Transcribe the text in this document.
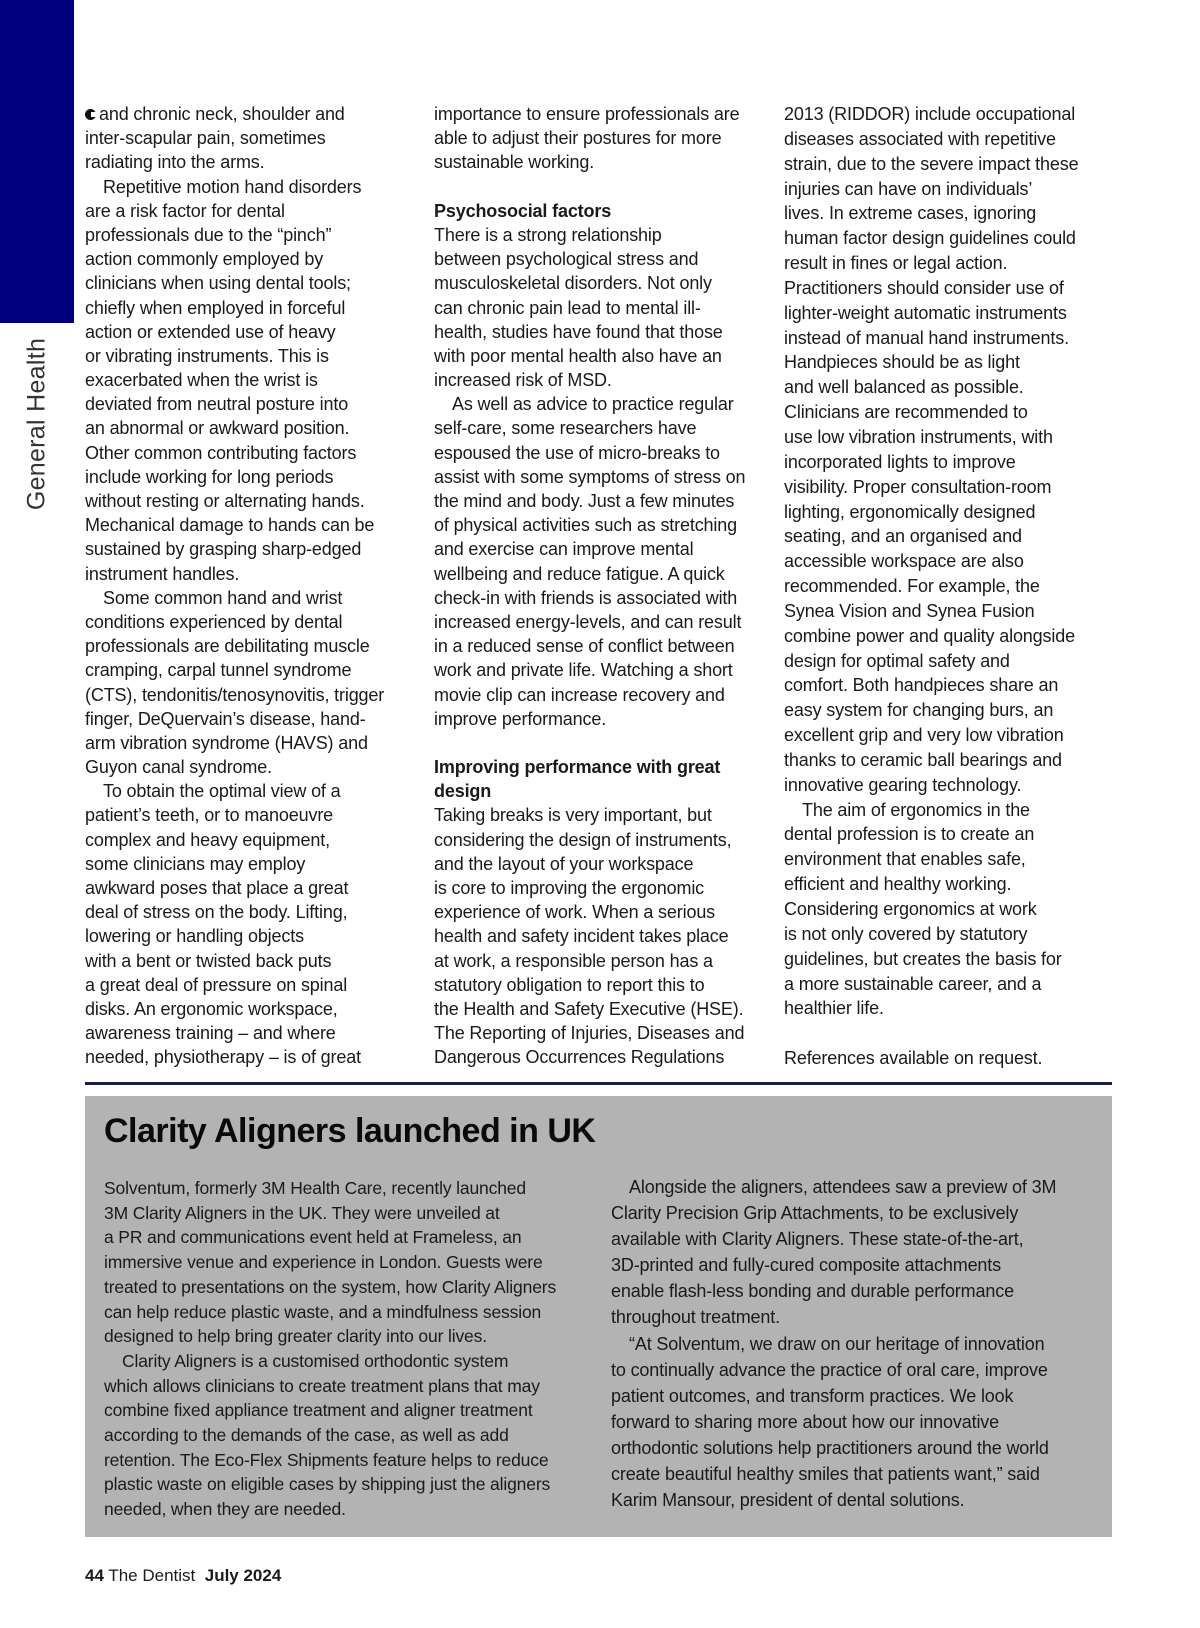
General Health
and chronic neck, shoulder and
inter-scapular pain, sometimes
radiating into the arms.
Repetitive motion hand disorders
are a risk factor for dental
professionals due to the “pinch”
action commonly employed by
clinicians when using dental tools;
chiefly when employed in forceful
action or extended use of heavy
or vibrating instruments. This is
exacerbated when the wrist is
deviated from neutral posture into
an abnormal or awkward position.
Other common contributing factors
include working for long periods
without resting or alternating hands.
Mechanical damage to hands can be
sustained by grasping sharp-edged
instrument handles.
Some common hand and wrist
conditions experienced by dental
professionals are debilitating muscle
cramping, carpal tunnel syndrome
(CTS), tendonitis/tenosynovitis, trigger
finger, DeQuervain’s disease, hand-
arm vibration syndrome (HAVS) and
Guyon canal syndrome.
To obtain the optimal view of a
patient’s teeth, or to manoeuvre
complex and heavy equipment,
some clinicians may employ
awkward poses that place a great
deal of stress on the body. Lifting,
lowering or handling objects
with a bent or twisted back puts
a great deal of pressure on spinal
disks. An ergonomic workspace,
awareness training – and where
needed, physiotherapy – is of great
importance to ensure professionals are
able to adjust their postures for more
sustainable working.

Psychosocial factors
There is a strong relationship
between psychological stress and
musculoskeletal disorders. Not only
can chronic pain lead to mental ill-
health, studies have found that those
with poor mental health also have an
increased risk of MSD.
As well as advice to practice regular
self-care, some researchers have
espoused the use of micro-breaks to
assist with some symptoms of stress on
the mind and body. Just a few minutes
of physical activities such as stretching
and exercise can improve mental
wellbeing and reduce fatigue. A quick
check-in with friends is associated with
increased energy-levels, and can result
in a reduced sense of conflict between
work and private life. Watching a short
movie clip can increase recovery and
improve performance.

Improving performance with great
design
Taking breaks is very important, but
considering the design of instruments,
and the layout of your workspace
is core to improving the ergonomic
experience of work. When a serious
health and safety incident takes place
at work, a responsible person has a
statutory obligation to report this to
the Health and Safety Executive (HSE).
The Reporting of Injuries, Diseases and
Dangerous Occurrences Regulations
2013 (RIDDOR) include occupational
diseases associated with repetitive
strain, due to the severe impact these
injuries can have on individuals’
lives. In extreme cases, ignoring
human factor design guidelines could
result in fines or legal action.
Practitioners should consider use of
lighter-weight automatic instruments
instead of manual hand instruments.
Handpieces should be as light
and well balanced as possible.
Clinicians are recommended to
use low vibration instruments, with
incorporated lights to improve
visibility. Proper consultation-room
lighting, ergonomically designed
seating, and an organised and
accessible workspace are also
recommended. For example, the
Synea Vision and Synea Fusion
combine power and quality alongside
design for optimal safety and
comfort. Both handpieces share an
easy system for changing burs, an
excellent grip and very low vibration
thanks to ceramic ball bearings and
innovative gearing technology.
The aim of ergonomics in the
dental profession is to create an
environment that enables safe,
efficient and healthy working.
Considering ergonomics at work
is not only covered by statutory
guidelines, but creates the basis for
a more sustainable career, and a
healthier life.

References available on request.
Clarity Aligners launched in UK
Solventum, formerly 3M Health Care, recently launched
3M Clarity Aligners in the UK. They were unveiled at
a PR and communications event held at Frameless, an
immersive venue and experience in London. Guests were
treated to presentations on the system, how Clarity Aligners
can help reduce plastic waste, and a mindfulness session
designed to help bring greater clarity into our lives.
Clarity Aligners is a customised orthodontic system
which allows clinicians to create treatment plans that may
combine fixed appliance treatment and aligner treatment
according to the demands of the case, as well as add
retention. The Eco-Flex Shipments feature helps to reduce
plastic waste on eligible cases by shipping just the aligners
needed, when they are needed.
Alongside the aligners, attendees saw a preview of 3M
Clarity Precision Grip Attachments, to be exclusively
available with Clarity Aligners. These state-of-the-art,
3D-printed and fully-cured composite attachments
enable flash-less bonding and durable performance
throughout treatment.
“At Solventum, we draw on our heritage of innovation
to continually advance the practice of oral care, improve
patient outcomes, and transform practices. We look
forward to sharing more about how our innovative
orthodontic solutions help practitioners around the world
create beautiful healthy smiles that patients want,” said
Karim Mansour, president of dental solutions.
44 The Dentist July 2024
